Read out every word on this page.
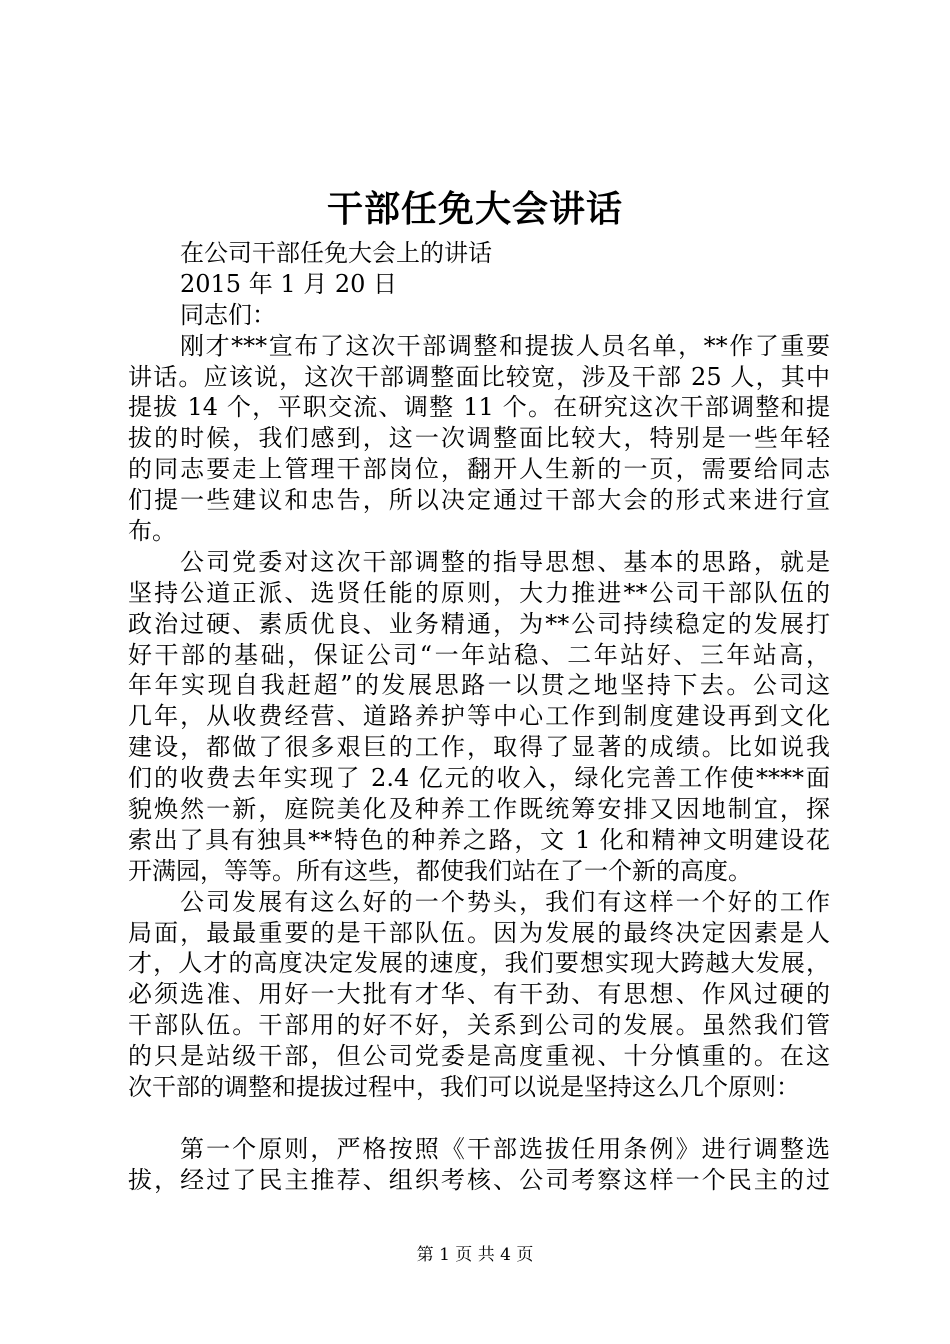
干部任免大会讲话
在公司干部任免大会上的讲话
2015 年 1 月 20 日
同志们：
刚才***宣布了这次干部调整和提拔人员名单，**作了重要
讲话。应该说，这次干部调整面比较宽，涉及干部 25 人，其中
提拔 14 个，平职交流、调整 11 个。在研究这次干部调整和提
拔的时候，我们感到，这一次调整面比较大，特别是一些年轻
的同志要走上管理干部岗位，翻开人生新的一页，需要给同志
们提一些建议和忠告，所以决定通过干部大会的形式来进行宣
布。
公司党委对这次干部调整的指导思想、基本的思路，就是
坚持公道正派、选贤任能的原则，大力推进**公司干部队伍的
政治过硬、素质优良、业务精通，为**公司持续稳定的发展打
好干部的基础，保证公司“一年站稳、二年站好、三年站高，
年年实现自我赶超”的发展思路一以贯之地坚持下去。公司这
几年，从收费经营、道路养护等中心工作到制度建设再到文化
建设，都做了很多艰巨的工作，取得了显著的成绩。比如说我
们的收费去年实现了 2.4 亿元的收入，绿化完善工作使****面
貌焕然一新，庭院美化及种养工作既统筹安排又因地制宜，探
索出了具有独具**特色的种养之路，文 1 化和精神文明建设花
开满园，等等。所有这些，都使我们站在了一个新的高度。
公司发展有这么好的一个势头，我们有这样一个好的工作
局面，最最重要的是干部队伍。因为发展的最终决定因素是人
才，人才的高度决定发展的速度，我们要想实现大跨越大发展，
必须选准、用好一大批有才华、有干劲、有思想、作风过硬的
干部队伍。干部用的好不好，关系到公司的发展。虽然我们管
的只是站级干部，但公司党委是高度重视、十分慎重的。在这
次干部的调整和提拔过程中，我们可以说是坚持这么几个原则：
第一个原则，严格按照《干部选拔任用条例》进行调整选
拔，经过了民主推荐、组织考核、公司考察这样一个民主的过
第 1 页 共 4 页
